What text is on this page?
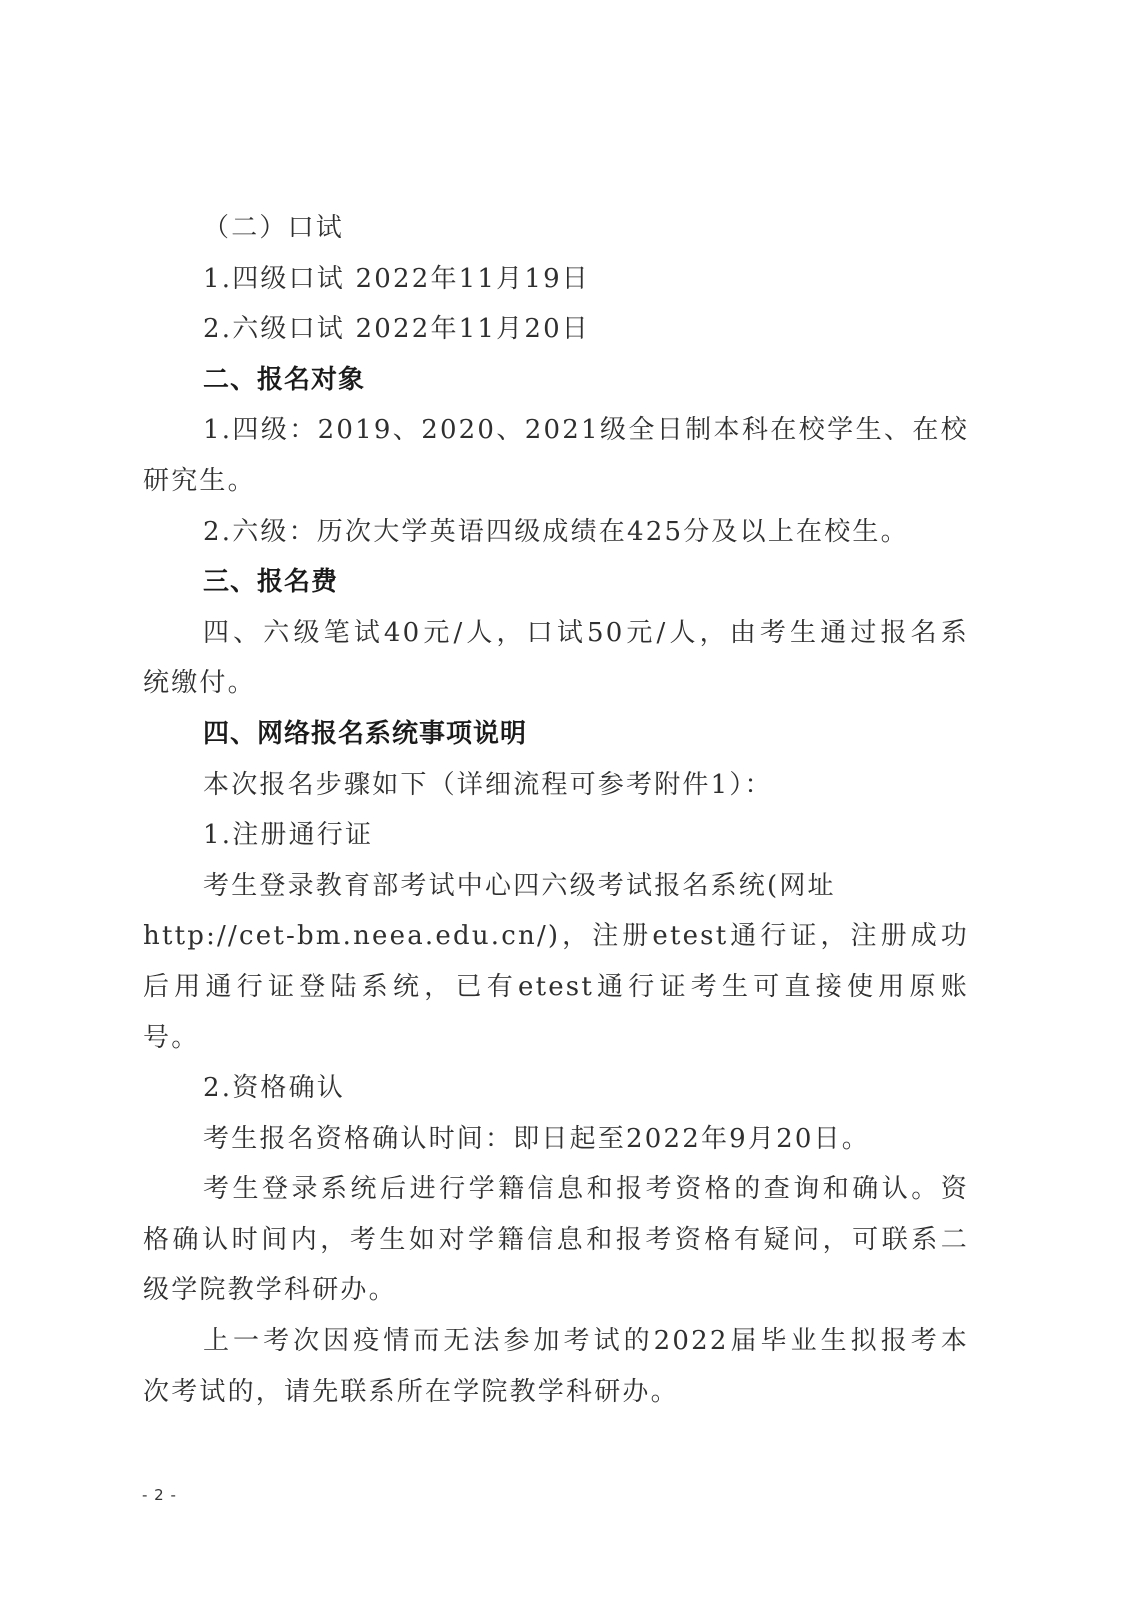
（二）口试
1.四级口试 2022年11月19日
2.六级口试 2022年11月20日
二、报名对象
1.四级：2019、2020、2021级全日制本科在校学生、在校
研究生。
2.六级：历次大学英语四级成绩在425分及以上在校生。
三、报名费
四、六级笔试40元/人，口试50元/人，由考生通过报名系
统缴付。
四、网络报名系统事项说明
本次报名步骤如下（详细流程可参考附件1）：
1.注册通行证
考生登录教育部考试中心四六级考试报名系统(网址
http://cet-bm.neea.edu.cn/)，注册etest通行证，注册成功
后用通行证登陆系统，已有etest通行证考生可直接使用原账
号。
2.资格确认
考生报名资格确认时间：即日起至2022年9月20日。
考生登录系统后进行学籍信息和报考资格的查询和确认。资
格确认时间内，考生如对学籍信息和报考资格有疑问，可联系二
级学院教学科研办。
上一考次因疫情而无法参加考试的2022届毕业生拟报考本
次考试的，请先联系所在学院教学科研办。
- 2 -
